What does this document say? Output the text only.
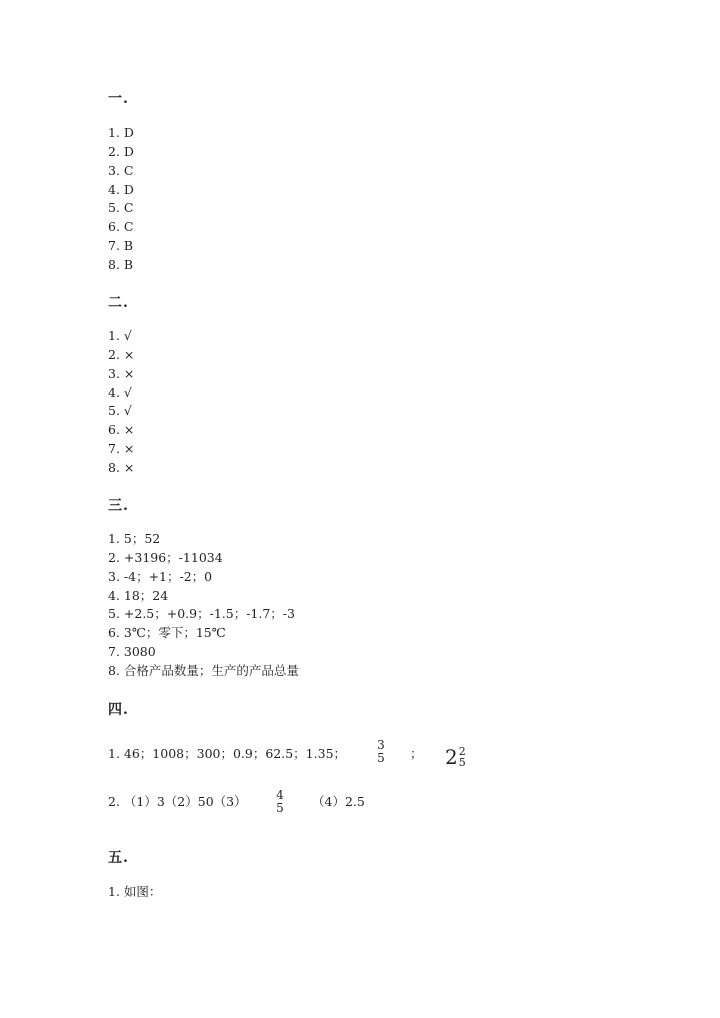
一.
1. D
2. D
3. C
4. D
5. C
6. C
7. B
8. B
二.
1. √
2. ×
3. ×
4. √
5. √
6. ×
7. ×
8. ×
三.
1. 5；52
2. +3196；-11034
3. -4；+1；-2；0
4. 18；24
5. +2.5；+0.9；-1.5；-1.7；-3
6. 3℃；零下；15℃
7. 3080
8. 合格产品数量；生产的产品总量
四.
1. 46；1008；300；0.9；62.5；1.35；
3
5 ； 2 2
5
2. （1）3（2）50（3） 4
5 （4）2.5
五.
1. 如图：
